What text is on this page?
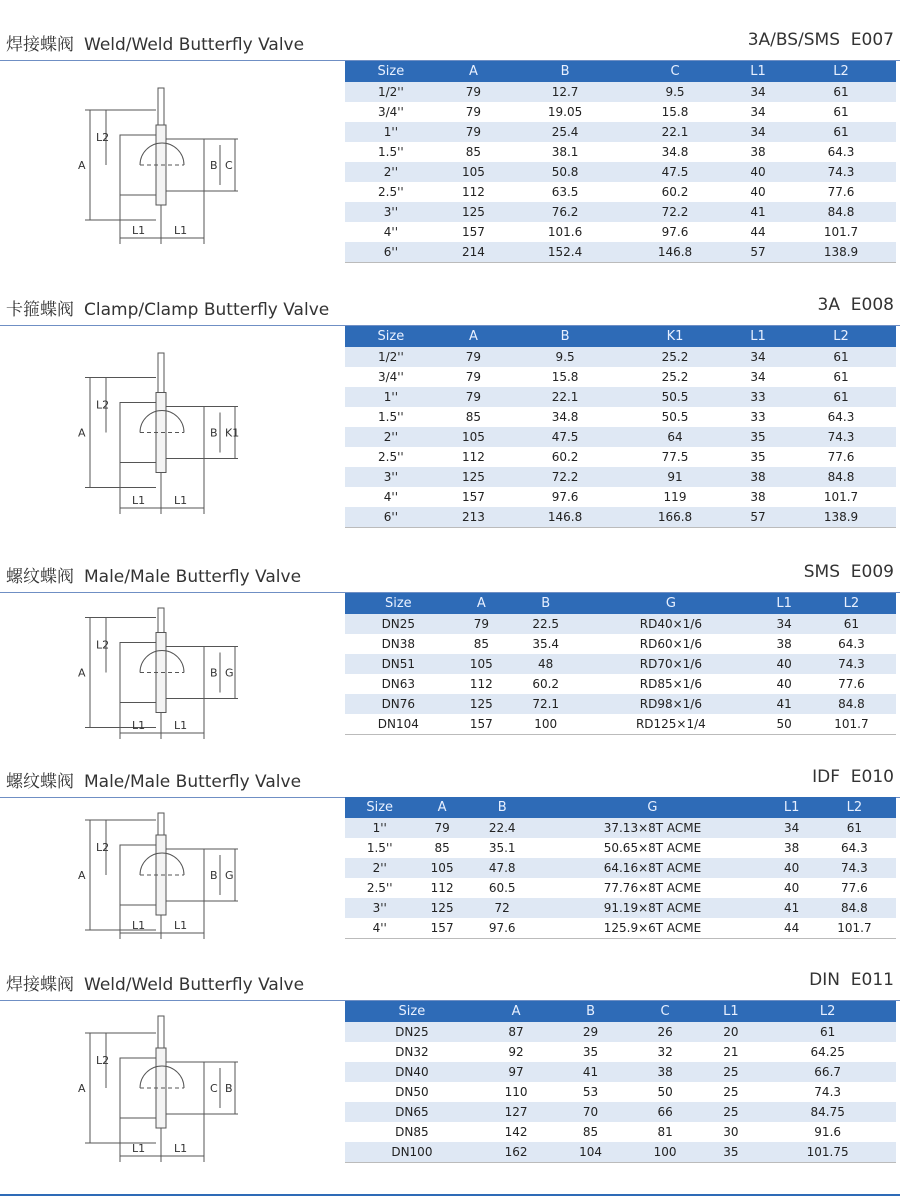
焊接蝶阀 Weld/Weld Butterfly Valve	3A/BS/SMS  E007
Size	A	B	C	L1	L2
1/2''	79	12.7	9.5	34	61
3/4''	79	19.05	15.8	34	61
1''	79	25.4	22.1	34	61
1.5''	85	38.1	34.8	38	64.3
2''	105	50.8	47.5	40	74.3
2.5''	112	63.5	60.2	40	77.6
3''	125	76.2	72.2	41	84.8
4''	157	101.6	97.6	44	101.7
6''	214	152.4	146.8	57	138.9
A
L2
B C
L1	L1
卡箍蝶阀 Clamp/Clamp Butterfly Valve	3A  E008
Size	A	B	K1	L1	L2
1/2''	79	9.5	25.2	34	61
3/4''	79	15.8	25.2	34	61
1''	79	22.1	50.5	33	61
1.5''	85	34.8	50.5	33	64.3
2''	105	47.5	64	35	74.3
2.5''	112	60.2	77.5	35	77.6
3''	125	72.2	91	38	84.8
4''	157	97.6	119	38	101.7
6''	213	146.8	166.8	57	138.9
A
L2
B K1
L1	L1
螺纹蝶阀 Male/Male Butterfly Valve	SMS  E009
Size	A	B	G	L1	L2
DN25	79	22.5	RD40×1/6	34	61
DN38	85	35.4	RD60×1/6	38	64.3
DN51	105	48	RD70×1/6	40	74.3
DN63	112	60.2	RD85×1/6	40	77.6
DN76	125	72.1	RD98×1/6	41	84.8
DN104	157	100	RD125×1/4	50	101.7
A
L2
B G
L1	L1
螺纹蝶阀 Male/Male Butterfly Valve	IDF  E010
Size	A	B	G	L1	L2
1''	79	22.4	37.13×8T ACME	34	61
1.5''	85	35.1	50.65×8T ACME	38	64.3
2''	105	47.8	64.16×8T ACME	40	74.3
2.5''	112	60.5	77.76×8T ACME	40	77.6
3''	125	72	91.19×8T ACME	41	84.8
4''	157	97.6	125.9×6T ACME	44	101.7
A
L2
B G
L1	L1
焊接蝶阀 Weld/Weld Butterfly Valve	DIN  E011
Size	A	B	C	L1	L2
DN25	87	29	26	20	61
DN32	92	35	32	21	64.25
DN40	97	41	38	25	66.7
DN50	110	53	50	25	74.3
DN65	127	70	66	25	84.75
DN85	142	85	81	30	91.6
DN100	162	104	100	35	101.75
A
L2
C B
L1	L1
